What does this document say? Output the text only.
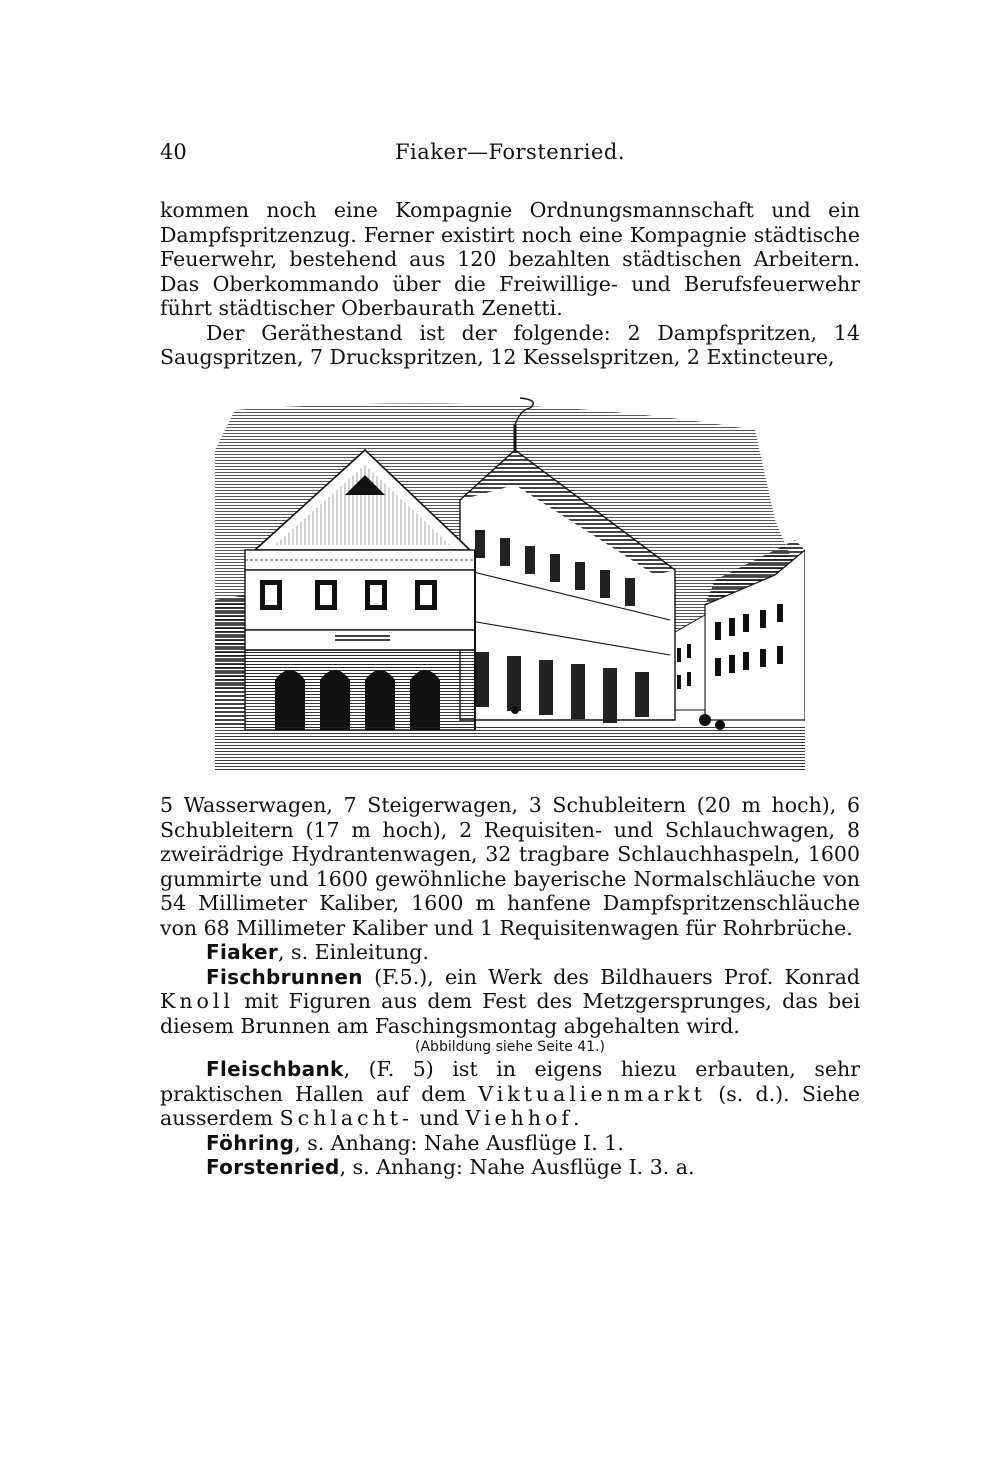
40	Fiaker—Forstenried.

kommen noch eine Kompagnie Ordnungsmannschaft und ein Dampfspritzenzug. Ferner existirt noch eine Kompagnie städtische Feuerwehr, bestehend aus 120 bezahlten städtischen Arbeitern. Das Oberkommando über die Freiwillige- und Berufsfeuerwehr führt städtischer Oberbaurath Zenetti.

Der Geräthestand ist der folgende: 2 Dampfspritzen, 14 Saugspritzen, 7 Druckspritzen, 12 Kesselspritzen, 2 Extincteure,

5 Wasserwagen, 7 Steigerwagen, 3 Schubleitern (20 m hoch), 6 Schubleitern (17 m hoch), 2 Requisiten- und Schlauchwagen, 8 zweirädrige Hydrantenwagen, 32 tragbare Schlauchhaspeln, 1600 gummirte und 1600 gewöhnliche bayerische Normalschläuche von 54 Millimeter Kaliber, 1600 m hanfene Dampfspritzenschläuche von 68 Millimeter Kaliber und 1 Requisitenwagen für Rohrbrüche.

Fiaker, s. Einleitung.

Fischbrunnen (F.5.), ein Werk des Bildhauers Prof. Konrad Knoll mit Figuren aus dem Fest des Metzgersprunges, das bei diesem Brunnen am Faschingsmontag abgehalten wird.

(Abbildung siehe Seite 41.)

Fleischbank, (F. 5) ist in eigens hiezu erbauten, sehr praktischen Hallen auf dem Viktualienmarkt (s. d.). Siehe ausserdem Schlacht- und Viehhof.

Föhring, s. Anhang: Nahe Ausflüge I. 1.

Forstenried, s. Anhang: Nahe Ausflüge I. 3. a.
